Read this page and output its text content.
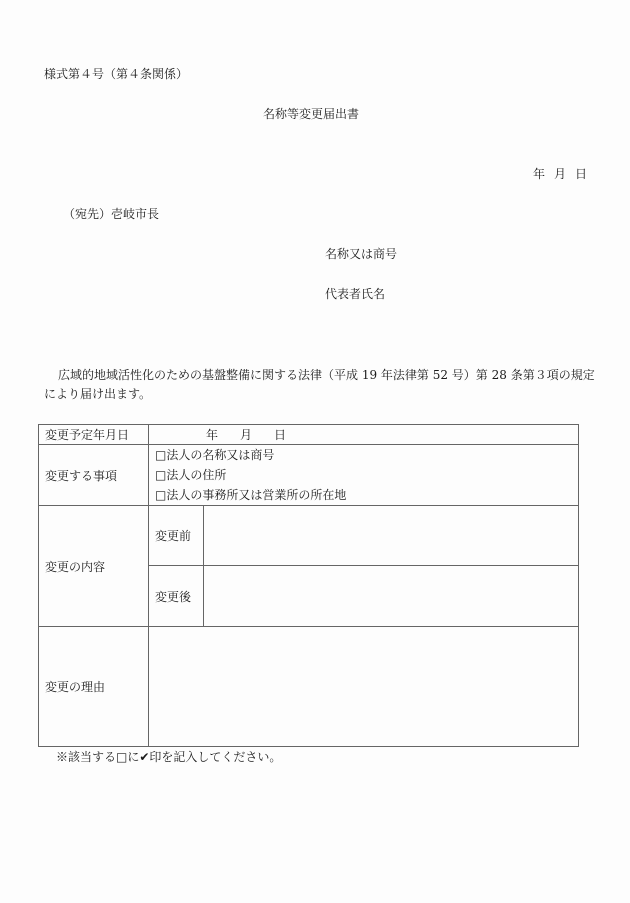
様式第４号（第４条関係）
名称等変更届出書
年 月 日
（宛先）壱岐市長
名称又は商号
代表者氏名
広域的地域活性化のための基盤整備に関する法律（平成 19 年法律第 52 号）第 28 条第３項の規定
により届け出ます。
変更予定年月日	年 月 日	
変更する事項	□法人の名称又は商号
□法人の住所
□法人の事務所又は営業所の所在地	

変更の内容	変更前	
	変更後	
変更の理由		
※該当する□に✔印を記入してください。
